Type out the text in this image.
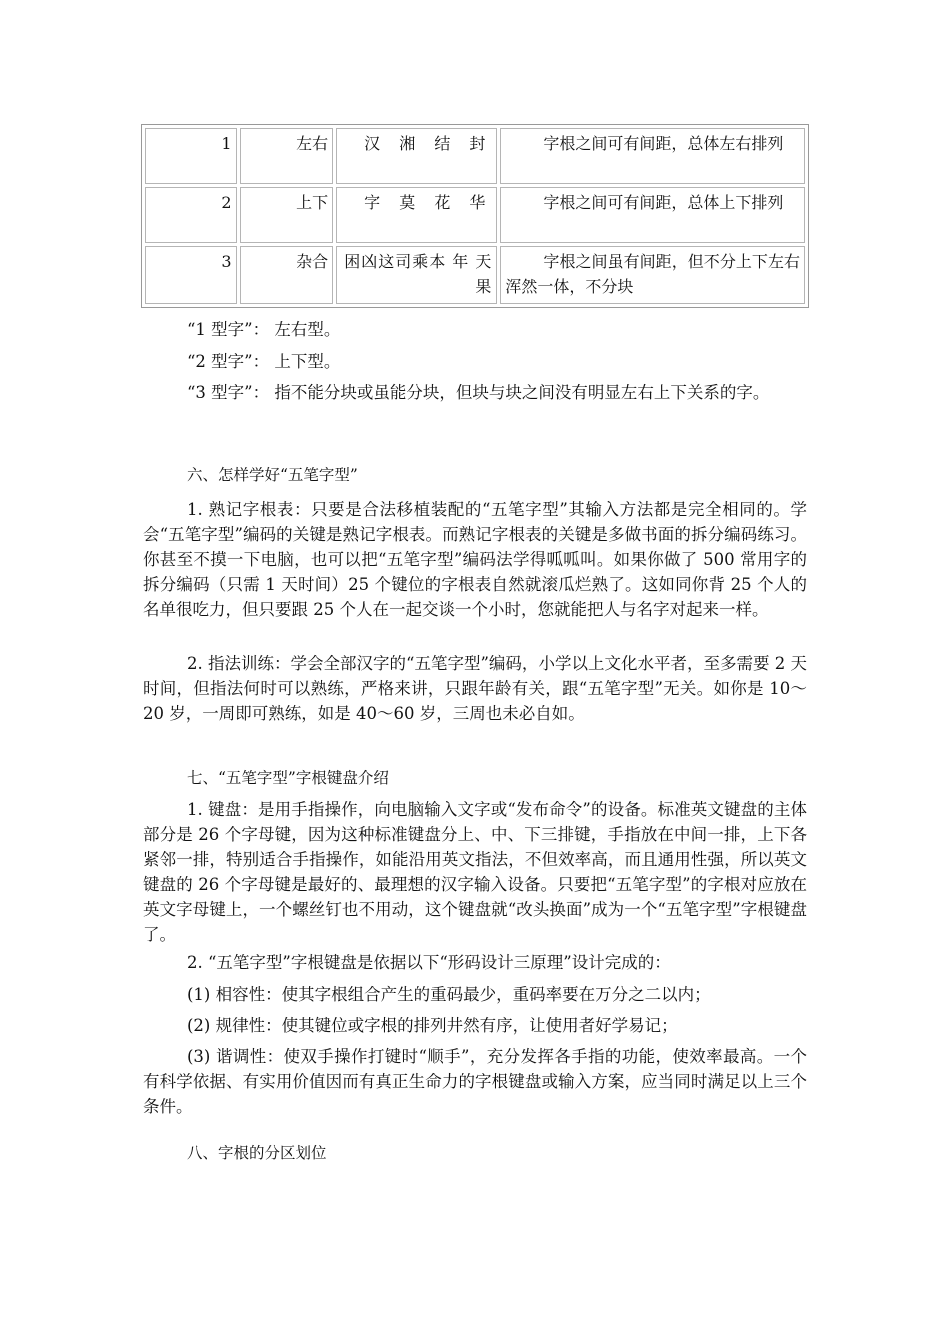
1	左右	汉 湘 结 封	字根之间可有间距，总体左右排列
2	上下	字 莫 花 华	字根之间可有间距，总体上下排列
3	杂合	困凶这司乘本 年 天 果	字根之间虽有间距，但不分上下左右浑然一体，不分块

“1 型字”： 左右型。

“2 型字”： 上下型。

“3 型字”： 指不能分块或虽能分块，但块与块之间没有明显左右上下关系的字。

六、怎样学好“五笔字型”

1. 熟记字根表：只要是合法移植装配的“五笔字型”其输入方法都是完全相同的。学会“五笔字型”编码的关键是熟记字根表。而熟记字根表的关键是多做书面的拆分编码练习。你甚至不摸一下电脑，也可以把“五笔字型”编码法学得呱呱叫。如果你做了 500 常用字的拆分编码（只需 1 天时间）25 个键位的字根表自然就滚瓜烂熟了。这如同你背 25 个人的名单很吃力，但只要跟 25 个人在一起交谈一个小时，您就能把人与名字对起来一样。

2. 指法训练：学会全部汉字的“五笔字型”编码，小学以上文化水平者，至多需要 2 天时间，但指法何时可以熟练，严格来讲，只跟年龄有关，跟“五笔字型”无关。如你是 10～20 岁，一周即可熟练，如是 40～60 岁，三周也未必自如。

七、“五笔字型”字根键盘介绍

1. 键盘：是用手指操作，向电脑输入文字或“发布命令”的设备。标准英文键盘的主体部分是 26 个字母键，因为这种标准键盘分上、中、下三排键，手指放在中间一排，上下各紧邻一排，特别适合手指操作，如能沿用英文指法，不但效率高，而且通用性强，所以英文键盘的 26 个字母键是最好的、最理想的汉字输入设备。只要把“五笔字型”的字根对应放在英文字母键上，一个螺丝钉也不用动，这个键盘就“改头换面”成为一个“五笔字型”字根键盘了。

2. “五笔字型”字根键盘是依据以下“形码设计三原理”设计完成的：

(1) 相容性：使其字根组合产生的重码最少，重码率要在万分之二以内；

(2) 规律性：使其键位或字根的排列井然有序，让使用者好学易记；

(3) 谐调性：使双手操作打键时“顺手”，充分发挥各手指的功能，使效率最高。一个有科学依据、有实用价值因而有真正生命力的字根键盘或输入方案，应当同时满足以上三个条件。

八、字根的分区划位
